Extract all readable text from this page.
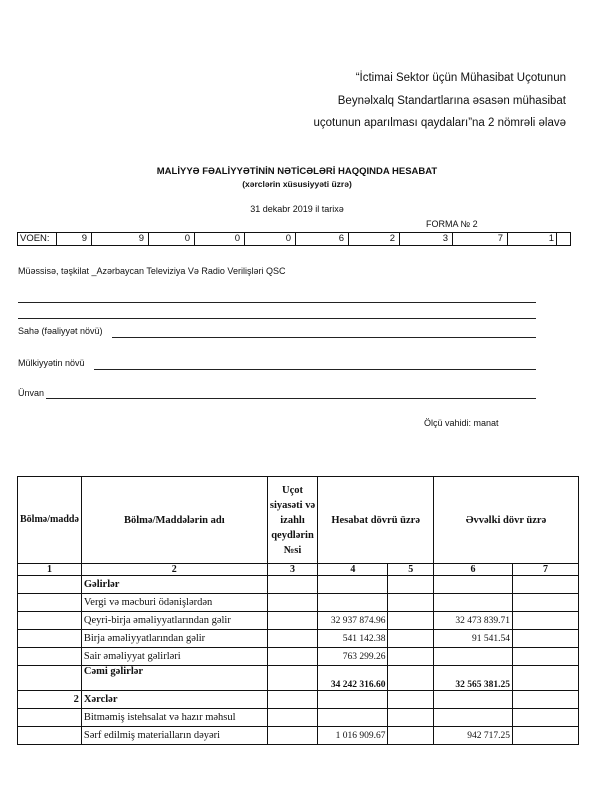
“İctimai Sektor üçün Mühasibat Uçotunun
Beynəlxalq Standartlarına əsasən mühasibat
uçotunun aparılması qaydaları”na 2 nömrəli əlavə
MALİYYƏ FƏALİYYƏTİNİN NƏTİCƏLƏRİ HAQQINDA HESABAT
(xərclərin xüsusiyyəti üzrə)
31 dekabr 2019 il tarixə
FORMA № 2
VOEN:	9	9	0	0	0	6	2	3	7	1
Müəssisə, təşkilat _Azərbaycan Televiziya Və Radio Verilişləri QSC
Sahə (fəaliyyət növü)
Mülkiyyətin növü
Ünvan
Ölçü vahidi: manat
Bölmə/maddə	Bölmə/Maddələrin adı	Uçot siyasəti və izahlı qeydlərin №si	Hesabat dövrü üzrə		Əvvəlki dövr üzrə	
1	2	3	4	5	6	7
	Gəlirlər					
	Vergi və məcburi ödənişlərdən					
	Qeyri-birja əməliyyatlarından gəlir		32 937 874.96		32 473 839.71	
	Birja əməliyyatlarından gəlir		541 142.38		91 541.54	
	Sair əməliyyat gəlirləri		763 299.26			
	Cəmi gəlirlər		34 242 316.60		32 565 381.25	
2	Xərclər					
	Bitməmiş istehsalat və hazır məhsul					
	Sərf edilmiş materialların dəyəri		1 016 909.67		942 717.25	
